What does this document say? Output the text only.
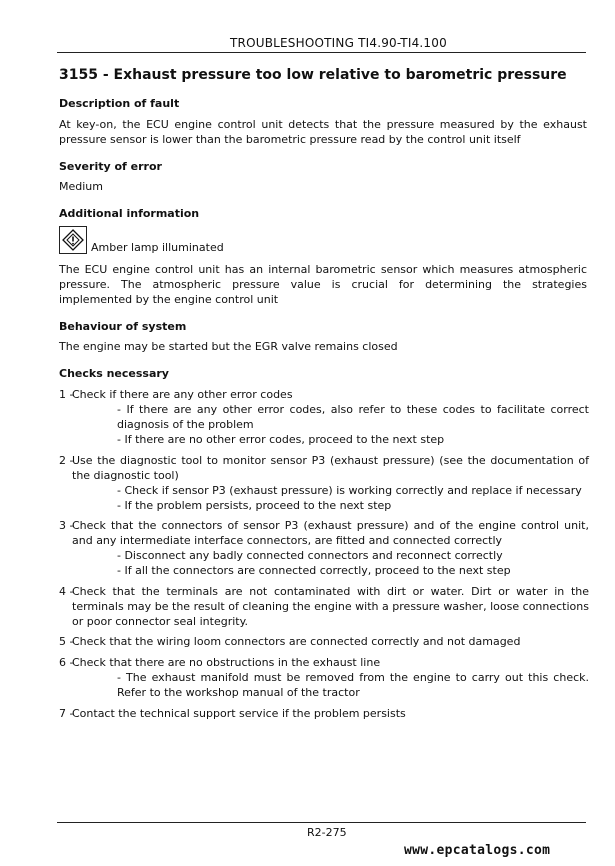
TROUBLESHOOTING TI4.90-TI4.100
3155 - Exhaust pressure too low relative to barometric pressure
Description of fault
At key-on, the ECU engine control unit detects that the pressure measured by the exhaust pressure sensor is lower than the barometric pressure read by the control unit itself
Severity of error
Medium
Additional information
Amber lamp illuminated
The ECU engine control unit has an internal barometric sensor which measures atmospheric pressure. The atmospheric pressure value is crucial for determining the strategies implemented by the engine control unit
Behaviour of system
The engine may be started but the EGR valve remains closed
Checks necessary
1 -
Check if there are any other error codes
- If there are any other error codes, also refer to these codes to facilitate correct diagnosis of the problem
- If there are no other error codes, proceed to the next step
2 -
Use the diagnostic tool to monitor sensor P3 (exhaust pressure) (see the documentation of the diagnostic tool)
- Check if sensor P3 (exhaust pressure) is working correctly and replace if necessary
- If the problem persists, proceed to the next step
3 -
Check that the connectors of sensor P3 (exhaust pressure) and of the engine control unit, and any intermediate interface connectors, are fitted and connected correctly
- Disconnect any badly connected connectors and reconnect correctly
- If all the connectors are connected correctly, proceed to the next step
4 -
Check that the terminals are not contaminated with dirt or water. Dirt or water in the terminals may be the result of cleaning the engine with a pressure washer, loose connections or poor connector seal integrity.
5 -
Check that the wiring loom connectors are connected correctly and not damaged
6 -
Check that there are no obstructions in the exhaust line
- The exhaust manifold must be removed from the engine to carry out this check. Refer to the workshop manual of the tractor
7 -
Contact the technical support service if the problem persists
R2-275
www.epcatalogs.com
